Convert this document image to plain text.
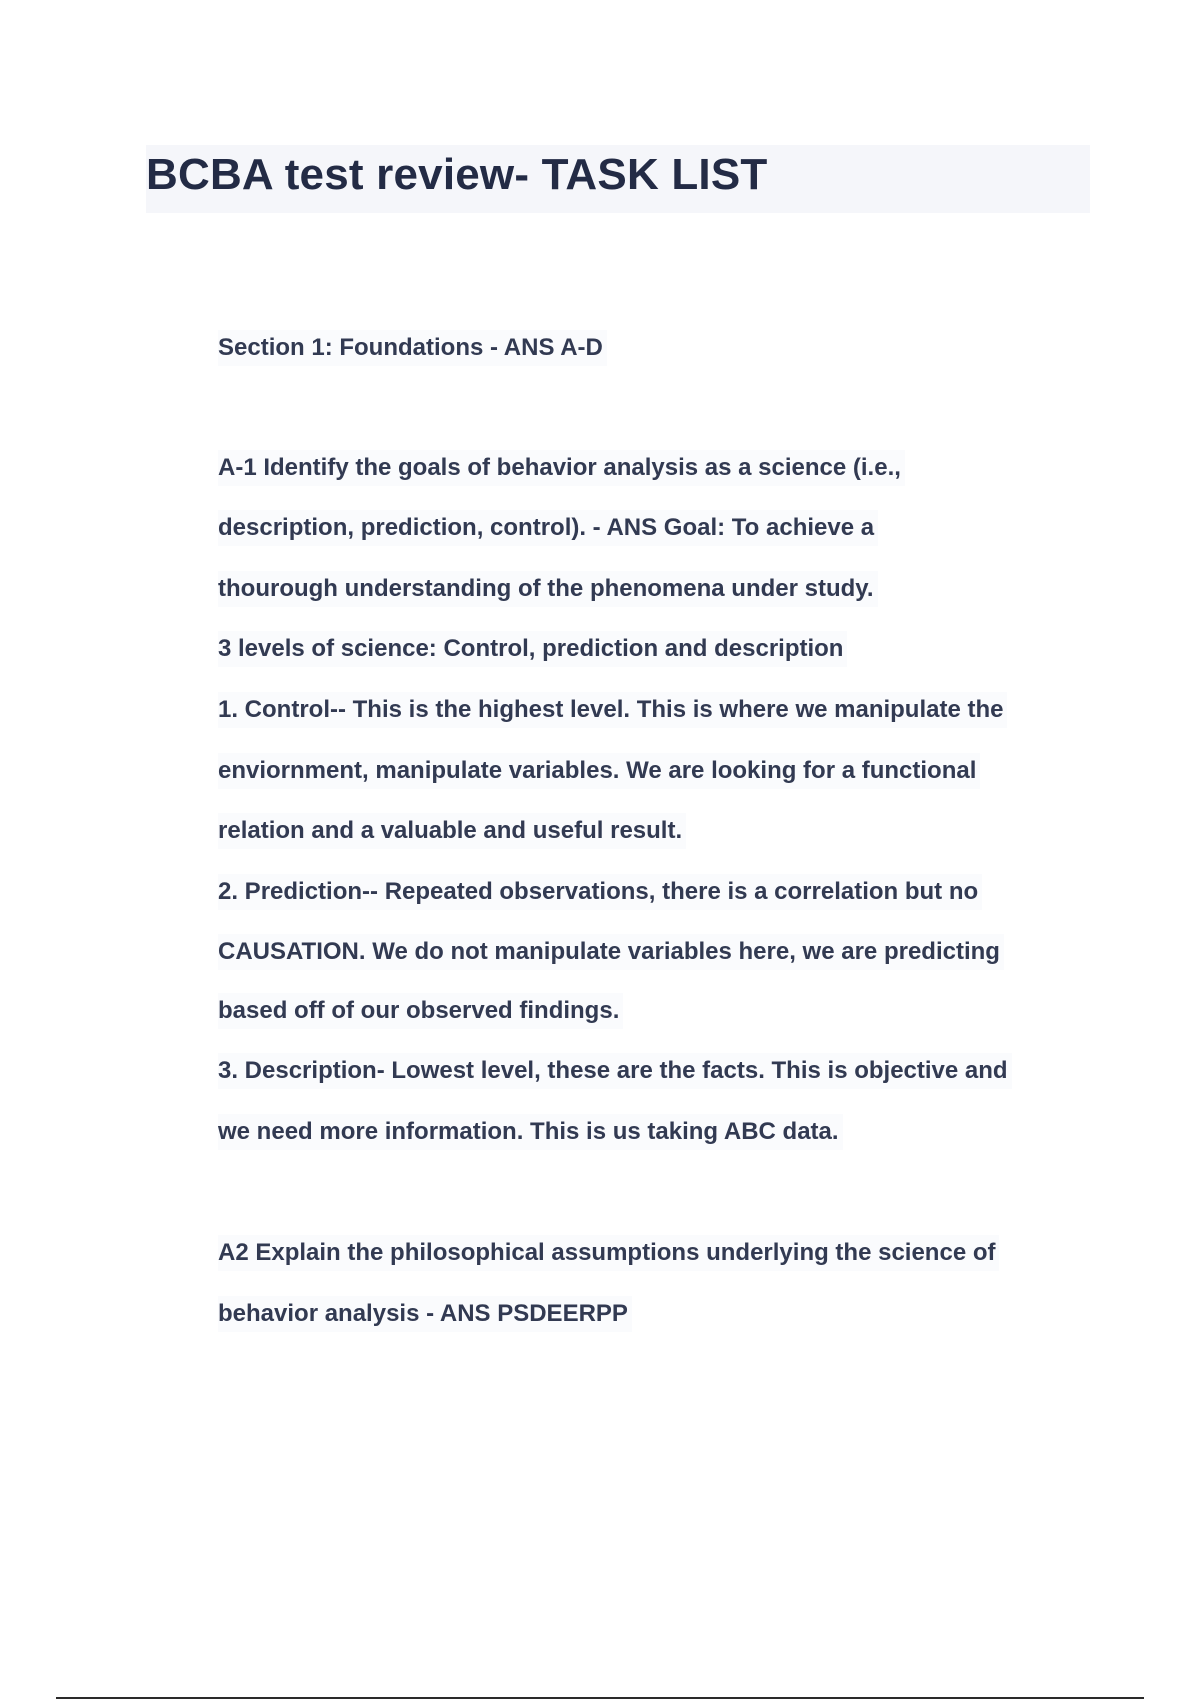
BCBA test review- TASK LIST
Section 1: Foundations - ANS A-D
A-1 Identify the goals of behavior analysis as a science (i.e.,
description, prediction, control). - ANS Goal: To achieve a
thourough understanding of the phenomena under study.
3 levels of science: Control, prediction and description
1. Control-- This is the highest level. This is where we manipulate the
enviornment, manipulate variables. We are looking for a functional
relation and a valuable and useful result.
2. Prediction-- Repeated observations, there is a correlation but no
CAUSATION. We do not manipulate variables here, we are predicting
based off of our observed findings.
3. Description- Lowest level, these are the facts. This is objective and
we need more information. This is us taking ABC data.
A2 Explain the philosophical assumptions underlying the science of
behavior analysis - ANS PSDEERPP
